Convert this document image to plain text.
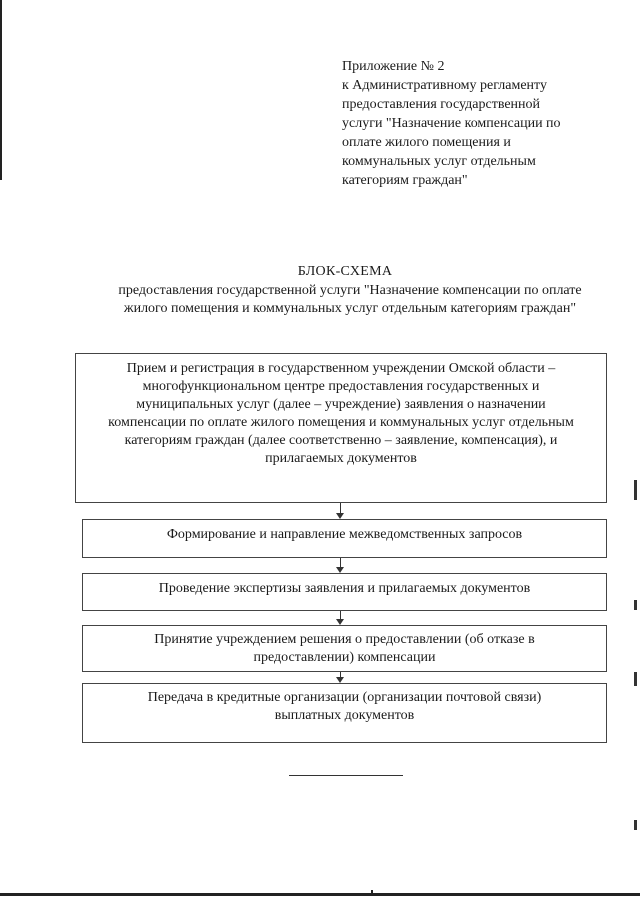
Приложение № 2
к Административному регламенту
предоставления государственной
услуги "Назначение компенсации по
оплате жилого помещения и
коммунальных услуг отдельным
категориям граждан"
БЛОК-СХЕМА
предоставления государственной услуги "Назначение компенсации по оплате
жилого помещения и коммунальных услуг отдельным категориям граждан"
Прием и регистрация в государственном учреждении Омской области –
многофункциональном центре предоставления государственных и
муниципальных услуг (далее – учреждение) заявления о назначении
компенсации по оплате жилого помещения и коммунальных услуг отдельным
категориям граждан (далее соответственно – заявление, компенсация), и
прилагаемых документов
Формирование и направление межведомственных запросов
Проведение экспертизы заявления и прилагаемых документов
Принятие учреждением решения о предоставлении (об отказе в
предоставлении) компенсации
Передача в кредитные организации (организации почтовой связи)
выплатных документов
